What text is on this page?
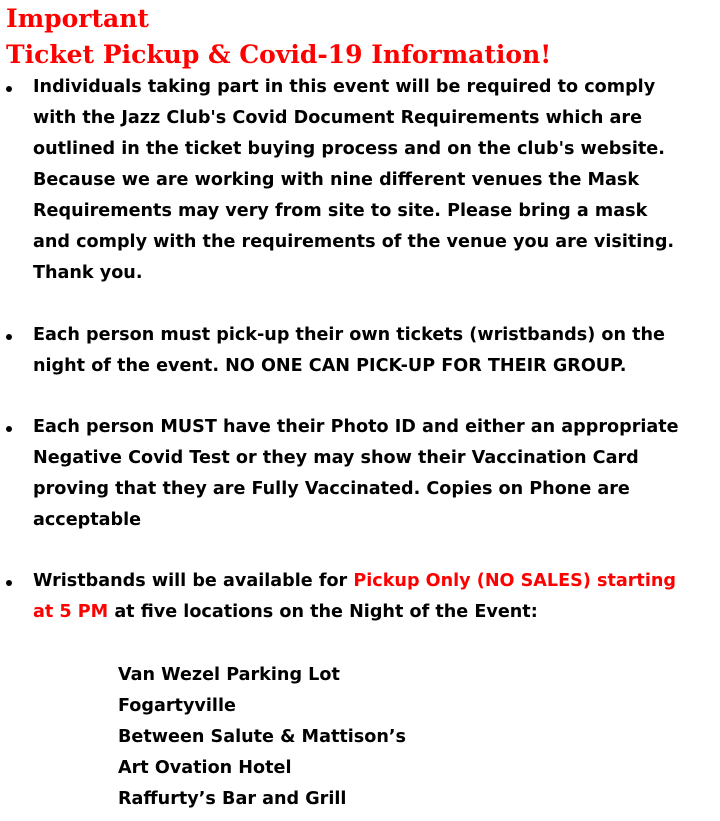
Important
Ticket Pickup & Covid-19 Information!

Individuals taking part in this event will be required to comply
with the Jazz Club's Covid Document Requirements which are
outlined in the ticket buying process and on the club's website.
Because we are working with nine different venues the Mask
Requirements may very from site to site. Please bring a mask
and comply with the requirements of the venue you are visiting.
Thank you.

Each person must pick-up their own tickets (wristbands) on the
night of the event. NO ONE CAN PICK-UP FOR THEIR GROUP.

Each person MUST have their Photo ID and either an appropriate
Negative Covid Test or they may show their Vaccination Card
proving that they are Fully Vaccinated. Copies on Phone are
acceptable

Wristbands will be available for Pickup Only (NO SALES) starting
at 5 PM at five locations on the Night of the Event:

Van Wezel Parking Lot
Fogartyville
Between Salute & Mattison’s
Art Ovation Hotel
Raffurty’s Bar and Grill
